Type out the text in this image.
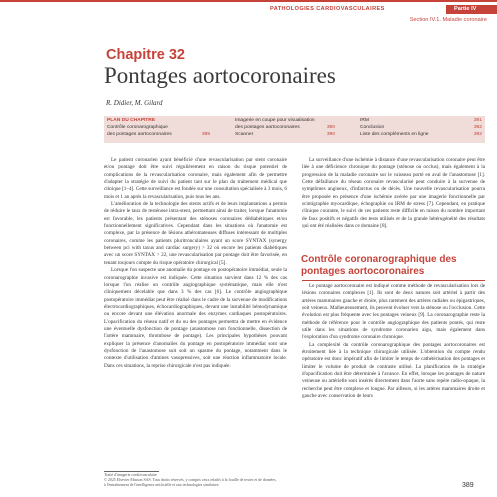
PATHOLOGIES CARDIOVASCULAIRES	Partie IV
Section IV.1. Maladie coronaire
Chapitre 32
Pontages aortocoronaires
R. Didier, M. Gilard
PLAN DU CHAPITRE
Contrôle coronarographique
des pontages aortocoronaires	389
Imagerie en coupe pour visualisation
des pontages aortocoronaires	390
Scanner	390
IRM	391
Conclusion	392
Liste des compléments en ligne	392

Le patient coronarien ayant bénéficié d'une revascularisation par stent coronaire et/ou pontage doit être suivi régulièrement en raison du risque potentiel de complications de la revascularisation coronaire, mais également afin de permettre d'adapter la stratégie de suivi du patient tant sur le plan du traitement médical que clinique [1–4]. Cette surveillance est fondée sur une consultation spécialisée à 3 mois, 6 mois et 1 an après la revascularisation, puis tous les ans.

L'amélioration de la technologie des stents actifs et de leurs implantations a permis de réduire le taux de resténose intra-stent, permettant ainsi de traiter, lorsque l'anatomie est favorable, les patients présentant des sténoses coronaires dédiabétiques et/ou fonctionnellement significatives. Cependant dans les situations où l'anatomie est complexe, par la présence de lésions athéromateuses diffuses intéressant de multiples coronaires, comme les patients pluritronculaires ayant un score SYNTAX (synergy between pci with taxus and cardiac surgery) > 32 où encore les patients diabétiques avec un score SYNTAX > 22, une revascularisation par pontage doit être favorisée, en tenant toujours compte du risque opératoire chirurgical [5].

Lorsque l'on suspecte une anomalie du pontage en postopératoire immédiat, seule la coronarographie invasive est indiquée. Cette situation survient dans 12 % des cas lorsque l'on réalise un contrôle angiographique systématique, mais elle n'est cliniquement décelable que dans 3 % des cas [6]. Le contrôle angiographique postopératoire immédiat peut être réalisé dans le cadre de la survenue de modifications électrocardiographiques, échocardiographiques, devant une instabilité hémodynamique ou encore devant une élévation anormale des enzymes cardiaques postopératoires. L'opacification du réseau natif et du ou des pontages permettra de mettre en évidence une éventuelle dysfonction de pontage (anastomose non fonctionnelle, dissection de l'artère mammaire, thrombose de pontage). Les principales hypothèses pouvant expliquer la présence d'anomalies du pontage en postopératoire immédiat sont une dysfonction de l'anastomose soit soit un spasme du pontage, notamment dans le contexte d'utilisation d'amines vasopressives, soit une réaction inflammatoire locale. Dans ces situations, la reprise chirurgicale n'est pas indiquée.

La surveillance d'une ischémie à distance d'une revascularisation coronaire peut être liée à une déficience chronique du pontage (sténose ou occlus), mais également à la progression de la maladie coronaire sur le vaisseau porté en aval de l'anastomose [1]. Cette défaillance du réseau coronaire revascularisé peut conduire à la survenue de symptômes angineux, d'infarctus ou de décès. Une nouvelle revascularisation pourra être proposée en présence d'une ischémie avérée par une imagerie fonctionnelle par scintigraphie myocardique, échographie ou IRM de stress [7]. Cependant, en pratique clinique courante, le suivi de ces patients reste difficile en raison du nombre important de faux positifs et négatifs des tests utilisés et de la grande hétérogénéité des résultats qui ont été réalisées dans ce domaine [8].

Contrôle coronarographique des pontages aortocoronaires

Le pontage aortocoronaire est indiqué comme méthode de revascularisation lors de lésions coronaires complexes [1]. Ils sont de deux natures soit artériel à partir des artères mammaires gauche et droite, plus rarement des artères radiales ou épigastriques, soit veineux. Malheureusement, ils peuvent évoluer vers la sténose ou l'occlusion. Cette évolution est plus fréquente avec les pontages veineux [9]. La coronarographie reste la méthode de référence pour le contrôle angiographique des patients pontés, qui reste utile dans les situations de syndrome coronarien aigu, mais également dans l'exploration d'un syndrome coronaire chronique.

La complexité du contrôle coronarographique des pontages aortocoronaires est étroitement liée à la technique chirurgicale utilisée. L'obtention du compte rendu opératoire est donc impératif afin de limiter le temps de cathétérisation des pontages et limiter le volume de produit de contraste utilisé. La planification de la stratégie d'opacification doit être déterminée à l'avance. En effet, lorsque les pontages de nature veineuse ou artérielle sont insérés directement dans l'aorte sans repère radio-opaque, la recherche peut être complexe et longue. Par ailleurs, si les artères mammaires droite et gauche avec conservation de leurs

Traité d'imagerie cardiovasculaire
© 2025 Elsevier Masson SAS. Tous droits réservés, y compris ceux relatifs à la fouille de textes et de données,
à l'entraînement de l'intelligence artificielle et aux technologies similaires.	389
